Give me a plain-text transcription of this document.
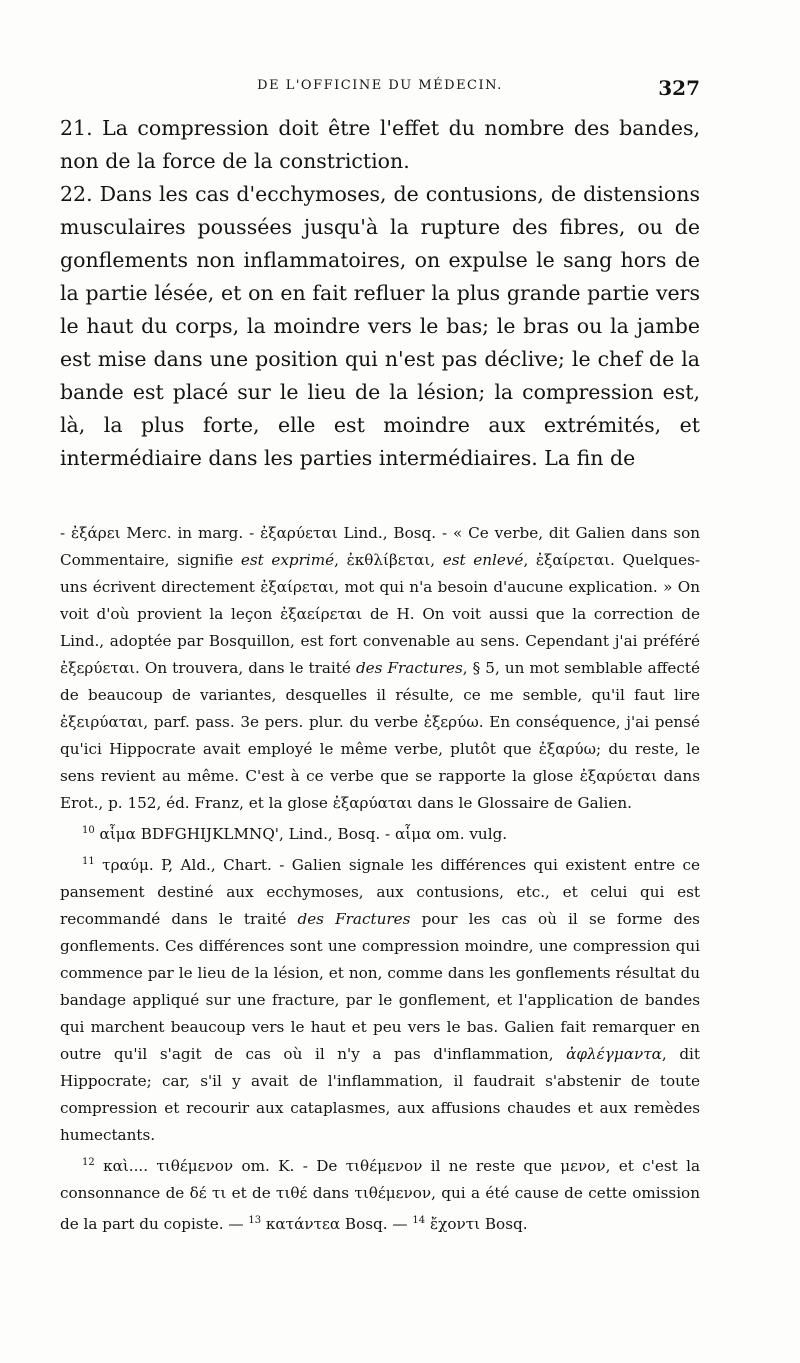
DE L'OFFICINE DU MÉDECIN.	327

21. La compression doit être l'effet du nombre des bandes, non de la force de la constriction.

22. Dans les cas d'ecchymoses, de contusions, de distensions musculaires poussées jusqu'à la rupture des fibres, ou de gonflements non inflammatoires, on expulse le sang hors de la partie lésée, et on en fait refluer la plus grande partie vers le haut du corps, la moindre vers le bas; le bras ou la jambe est mise dans une position qui n'est pas déclive; le chef de la bande est placé sur le lieu de la lésion; la compression est, là, la plus forte, elle est moindre aux extrémités, et intermédiaire dans les parties intermédiaires. La fin de

- ἐξάρει Merc. in marg. - ἐξαρύεται Lind., Bosq. - « Ce verbe, dit Galien dans son Commentaire, signifie est exprimé, ἐκθλίβεται, est enlevé, ἐξαίρεται. Quelques-uns écrivent directement ἐξαίρεται, mot qui n'a besoin d'aucune explication. » On voit d'où provient la leçon ἐξαείρεται de H. On voit aussi que la correction de Lind., adoptée par Bosquillon, est fort convenable au sens. Cependant j'ai préféré ἐξερύεται. On trouvera, dans le traité des Fractures, § 5, un mot semblable affecté de beaucoup de variantes, desquelles il résulte, ce me semble, qu'il faut lire ἐξειρύαται, parf. pass. 3e pers. plur. du verbe ἐξερύω. En conséquence, j'ai pensé qu'ici Hippocrate avait employé le même verbe, plutôt que ἐξαρύω; du reste, le sens revient au même. C'est à ce verbe que se rapporte la glose ἐξαρύεται dans Erot., p. 152, éd. Franz, et la glose ἐξαρύαται dans le Glossaire de Galien.

$^{10}$ αἷμα BDFGHIJKLMNQ', Lind., Bosq. - αἷμα om. vulg.

$^{11}$ τραύμ. P, Ald., Chart. - Galien signale les différences qui existent entre ce pansement destiné aux ecchymoses, aux contusions, etc., et celui qui est recommandé dans le traité des Fractures pour les cas où il se forme des gonflements. Ces différences sont une compression moindre, une compression qui commence par le lieu de la lésion, et non, comme dans les gonflements résultat du bandage appliqué sur une fracture, par le gonflement, et l'application de bandes qui marchent beaucoup vers le haut et peu vers le bas. Galien fait remarquer en outre qu'il s'agit de cas où il n'y a pas d'inflammation, ἀφλέγμαντα, dit Hippocrate; car, s'il y avait de l'inflammation, il faudrait s'abstenir de toute compression et recourir aux cataplasmes, aux affusions chaudes et aux remèdes humectants.

$^{12}$ καὶ.... τιθέμενον om. K. - De τιθέμενον il ne reste que μενον, et c'est la consonnance de δέ τι et de τιθέ dans τιθέμενον, qui a été cause de cette omission de la part du copiste. — $^{13}$ κατάντεα Bosq. — $^{14}$ ἔχοντι Bosq.
